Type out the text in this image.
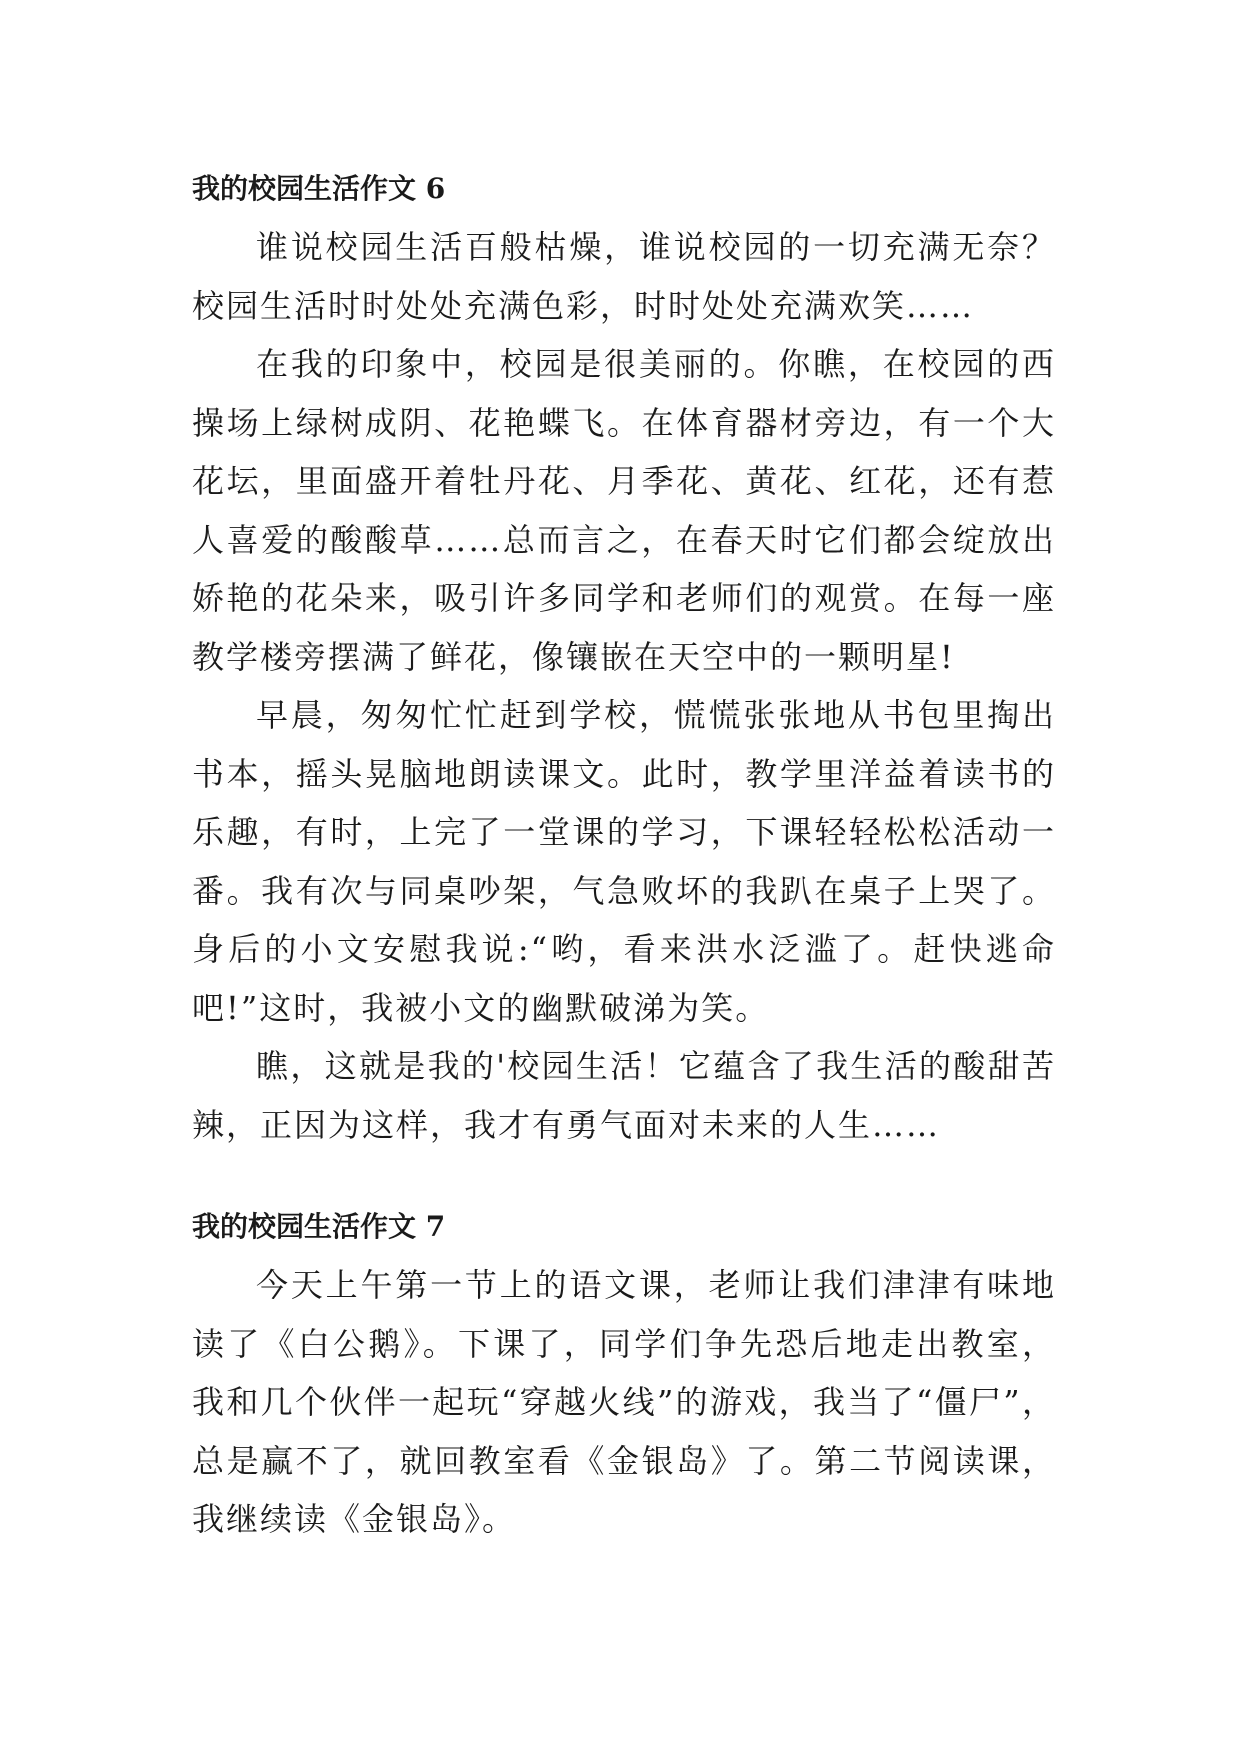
我的校园生活作文 6

谁说校园生活百般枯燥，谁说校园的一切充满无奈？校园生活时时处处充满色彩，时时处处充满欢笑……

在我的印象中，校园是很美丽的。你瞧，在校园的西操场上绿树成阴、花艳蝶飞。在体育器材旁边，有一个大花坛，里面盛开着牡丹花、月季花、黄花、红花，还有惹人喜爱的酸酸草……总而言之，在春天时它们都会绽放出娇艳的花朵来，吸引许多同学和老师们的观赏。在每一座教学楼旁摆满了鲜花，像镶嵌在天空中的一颗明星!

早晨，匆匆忙忙赶到学校，慌慌张张地从书包里掏出书本，摇头晃脑地朗读课文。此时，教学里洋益着读书的乐趣，有时，上完了一堂课的学习，下课轻轻松松活动一番。我有次与同桌吵架，气急败坏的我趴在桌子上哭了。身后的小文安慰我说:“哟，看来洪水泛滥了。赶快逃命吧!”这时，我被小文的幽默破涕为笑。

瞧，这就是我的'校园生活！它蕴含了我生活的酸甜苦辣，正因为这样，我才有勇气面对未来的人生……

我的校园生活作文 7

今天上午第一节上的语文课，老师让我们津津有味地读了《白公鹅》。下课了，同学们争先恐后地走出教室，我和几个伙伴一起玩“穿越火线”的游戏，我当了“僵尸”，总是赢不了，就回教室看《金银岛》了。第二节阅读课，我继续读《金银岛》。
